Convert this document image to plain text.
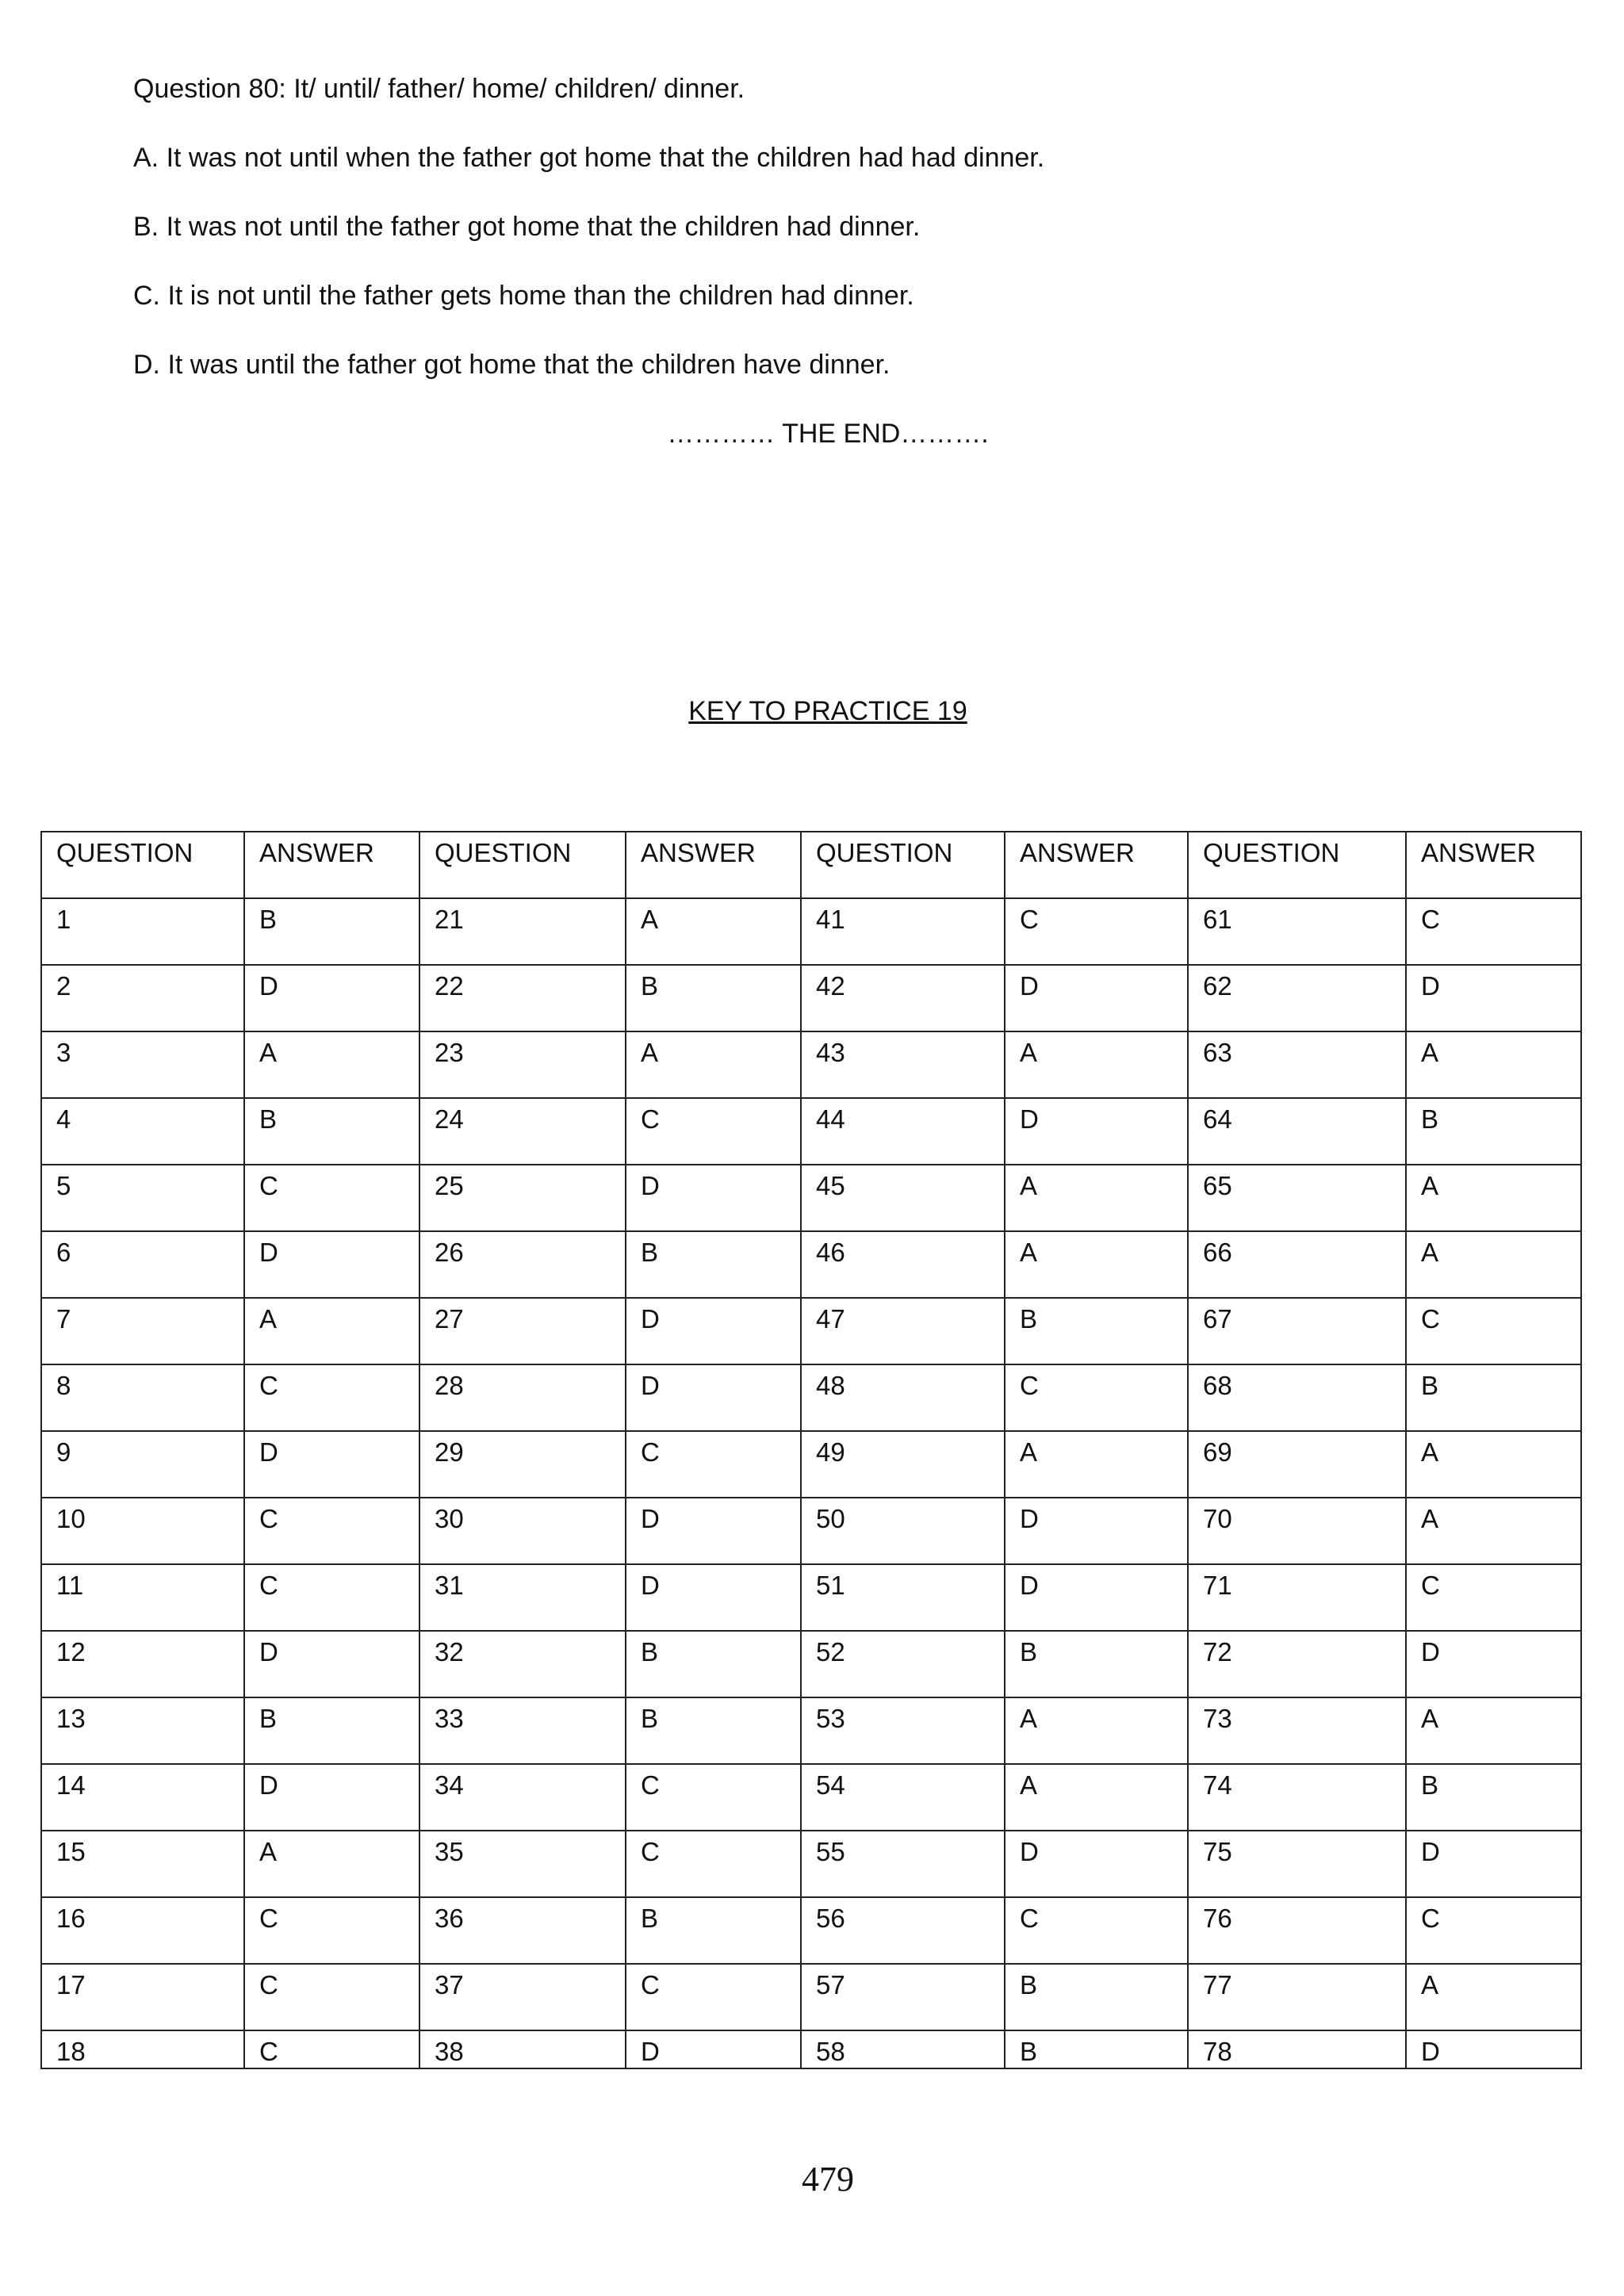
Question 80: It/ until/ father/ home/ children/ dinner.
A. It was not until when the father got home that the children had had dinner.
B. It was not until the father got home that the children had dinner.
C. It is not until the father gets home than the children had dinner.
D. It was until the father got home that the children have dinner.
………… THE END……….
KEY TO PRACTICE 19
QUESTION	ANSWER	QUESTION	ANSWER	QUESTION	ANSWER	QUESTION	ANSWER
1	B	21	A	41	C	61	C
2	D	22	B	42	D	62	D
3	A	23	A	43	A	63	A
4	B	24	C	44	D	64	B
5	C	25	D	45	A	65	A
6	D	26	B	46	A	66	A
7	A	27	D	47	B	67	C
8	C	28	D	48	C	68	B
9	D	29	C	49	A	69	A
10	C	30	D	50	D	70	A
11	C	31	D	51	D	71	C
12	D	32	B	52	B	72	D
13	B	33	B	53	A	73	A
14	D	34	C	54	A	74	B
15	A	35	C	55	D	75	D
16	C	36	B	56	C	76	C
17	C	37	C	57	B	77	A
18	C	38	D	58	B	78	D
479
